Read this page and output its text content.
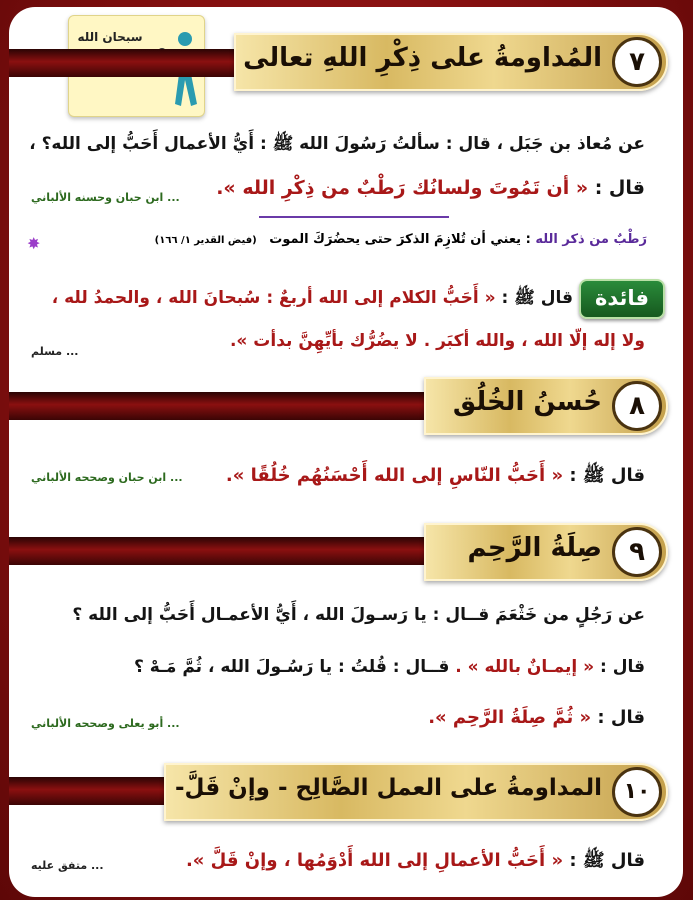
سبحان الله
المُداومةُ على ذِكْرِ اللهِ تعالى	٧
عن مُعاذ بن جَبَل ، قال : سألتُ رَسُولَ الله ﷺ : أَيُّ الأعمال أَحَبُّ إلى الله؟ ،
قال : « أن تَمُوتَ ولسانُك رَطْبٌ من ذِكْرِ الله ».
... ابن حبان وحسنه الألباني
✸	رَطْبٌ من ذكر الله : يعني أن تُلازِمَ الذكرَ حتى يحضُرَكَ الموت (فيض القدير ١/ ١٦٦)
فائدة
قال ﷺ : « أَحَبُّ الكلام إلى الله أربعٌ : سُبحانَ الله ، والحمدُ لله ،
ولا إله إلّا الله ، والله أكبَر . لا يضُرُّك بأيِّهِنَّ بدأت ».
... مسلم
حُسنُ الخُلُق	٨
قال ﷺ : « أَحَبُّ النّاسِ إلى الله أَحْسَنُهُم خُلُقًا ».
... ابن حبان وصححه الألباني
صِلَةُ الرَّحِم	٩
عن رَجُلٍ من خَثْعَمَ قــال : يا رَسـولَ الله ، أَيُّ الأعمـال أَحَبُّ إلى الله ؟
قال : « إيمـانٌ بالله » . قــال : قُلتُ : يا رَسُـولَ الله ، ثُمَّ مَـهْ ؟
قال : « ثُمَّ صِلَةُ الرَّحِم ».
... أبو يعلى وصححه الألباني
المداومةُ على العمل الصَّالِح - وإنْ قَلَّ- ١٠
قال ﷺ : « أَحَبُّ الأعمالِ إلى الله أَدْوَمُها ، وإنْ قَلَّ ».
... متفق عليه
